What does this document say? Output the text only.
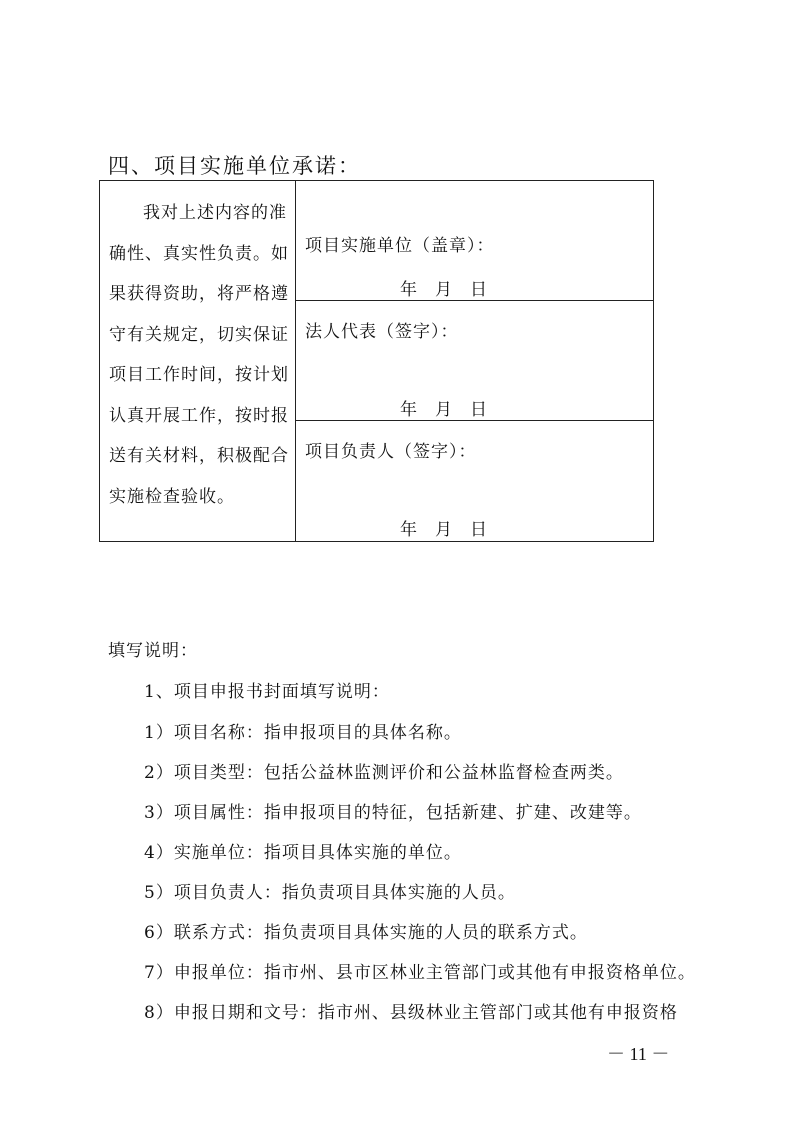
四、项目实施单位承诺：
我对上述内容的准确性、真实性负责。如果获得资助，将严格遵守有关规定，切实保证项目工作时间，按计划认真开展工作，按时报送有关材料，积极配合实施检查验收。
项目实施单位（盖章）：
年 月 日
法人代表（签字）：
年 月 日
项目负责人（签字）：
年 月 日
填写说明：
1、项目申报书封面填写说明：
1）项目名称：指申报项目的具体名称。
2）项目类型：包括公益林监测评价和公益林监督检查两类。
3）项目属性：指申报项目的特征，包括新建、扩建、改建等。
4）实施单位：指项目具体实施的单位。
5）项目负责人：指负责项目具体实施的人员。
6）联系方式：指负责项目具体实施的人员的联系方式。
7）申报单位：指市州、县市区林业主管部门或其他有申报资格单位。
8）申报日期和文号：指市州、县级林业主管部门或其他有申报资格
－ 11 －
